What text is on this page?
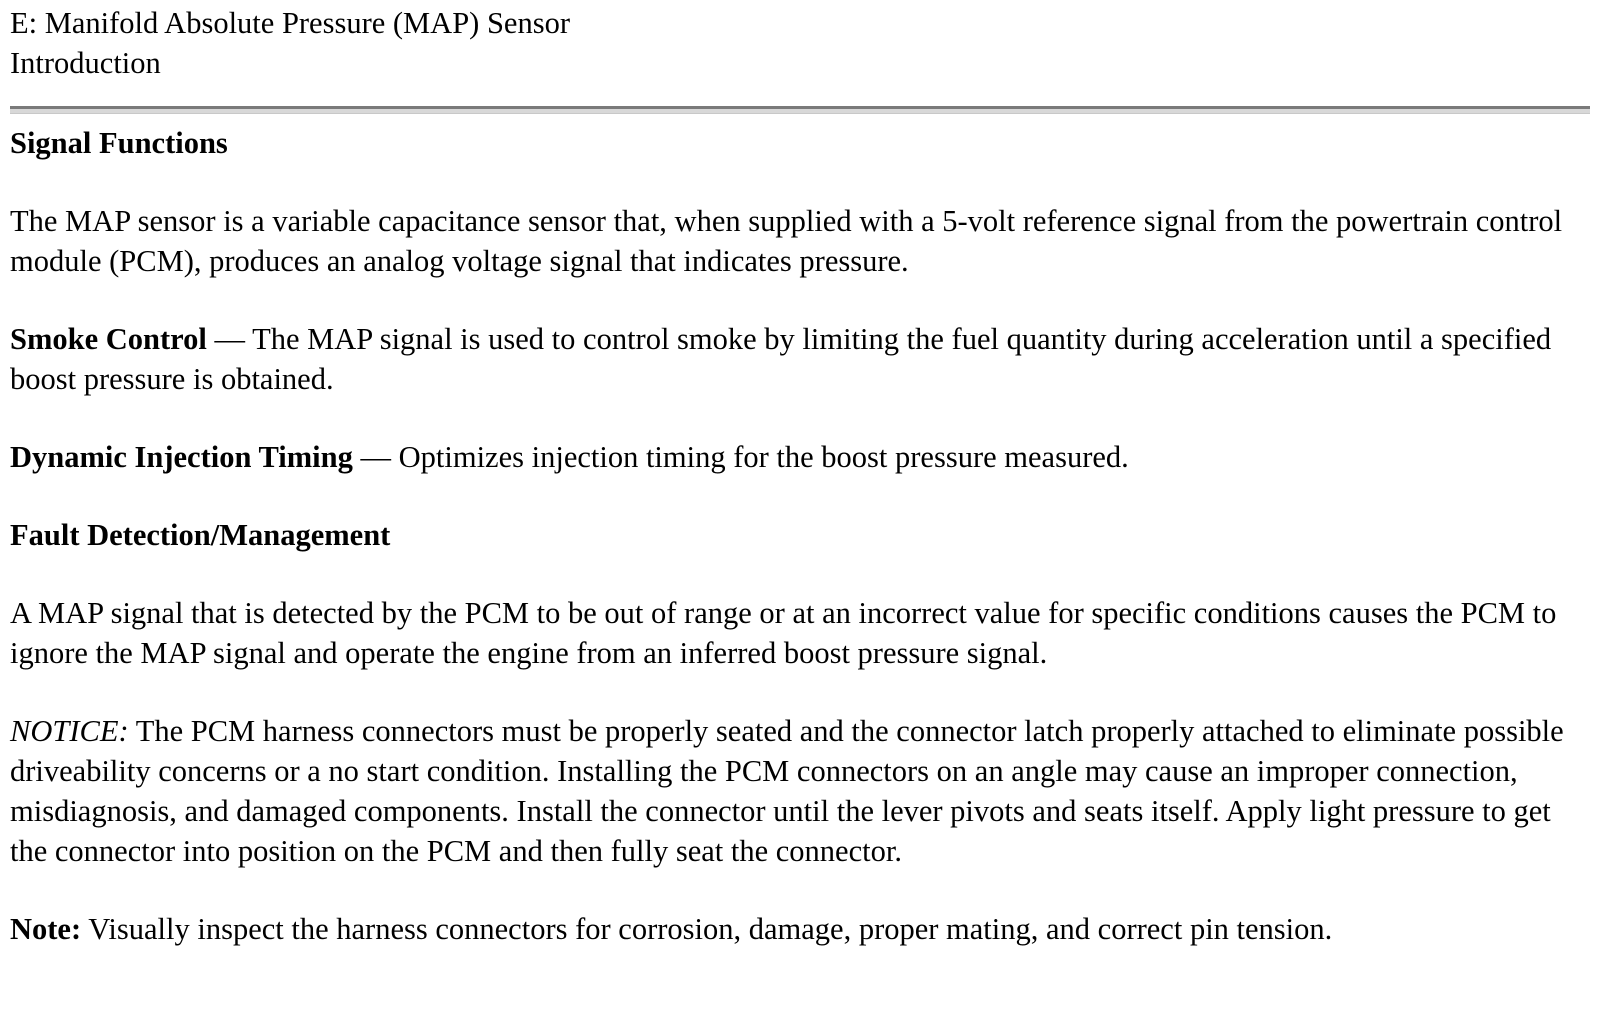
E: Manifold Absolute Pressure (MAP) Sensor
Introduction
Signal Functions
The MAP sensor is a variable capacitance sensor that, when supplied with a 5-volt reference signal from the powertrain control module (PCM), produces an analog voltage signal that indicates pressure.
Smoke Control — The MAP signal is used to control smoke by limiting the fuel quantity during acceleration until a specified boost pressure is obtained.
Dynamic Injection Timing — Optimizes injection timing for the boost pressure measured.
Fault Detection/Management
A MAP signal that is detected by the PCM to be out of range or at an incorrect value for specific conditions causes the PCM to ignore the MAP signal and operate the engine from an inferred boost pressure signal.
NOTICE: The PCM harness connectors must be properly seated and the connector latch properly attached to eliminate possible driveability concerns or a no start condition. Installing the PCM connectors on an angle may cause an improper connection, misdiagnosis, and damaged components. Install the connector until the lever pivots and seats itself. Apply light pressure to get the connector into position on the PCM and then fully seat the connector.
Note: Visually inspect the harness connectors for corrosion, damage, proper mating, and correct pin tension.
